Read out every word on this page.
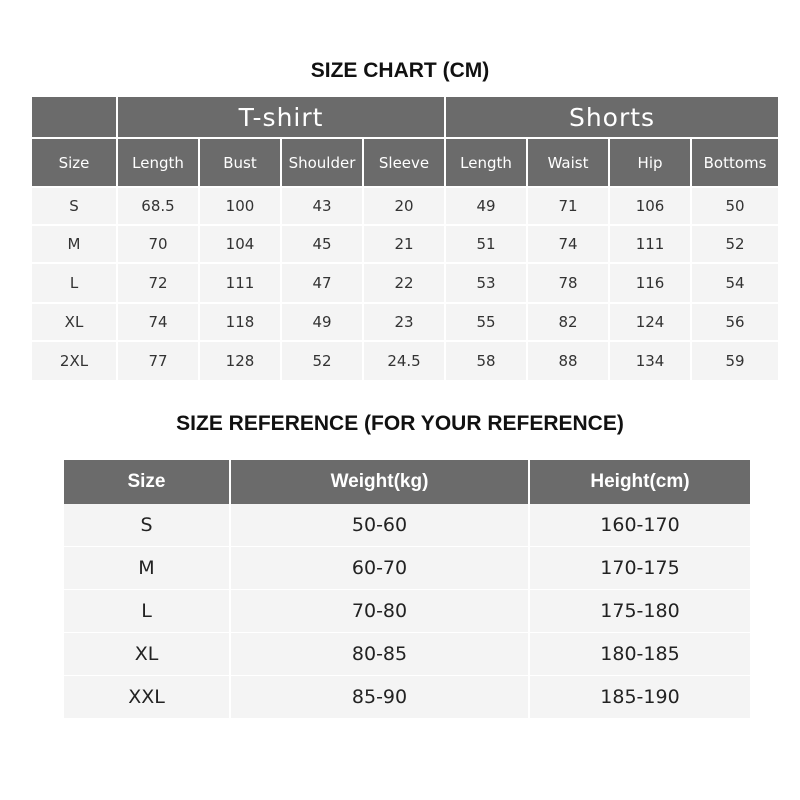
SIZE CHART (CM)
	T-shirt				Shorts			
Size	Length	Bust	Shoulder	Sleeve	Length	Waist	Hip	Bottoms
S	68.5	100	43	20	49	71	106	50
M	70	104	45	21	51	74	111	52
L	72	111	47	22	53	78	116	54
XL	74	118	49	23	55	82	124	56
2XL	77	128	52	24.5	58	88	134	59
SIZE REFERENCE (FOR YOUR REFERENCE)
Size	Weight(kg)	Height(cm)
S	50-60	160-170
M	60-70	170-175
L	70-80	175-180
XL	80-85	180-185
XXL	85-90	185-190
